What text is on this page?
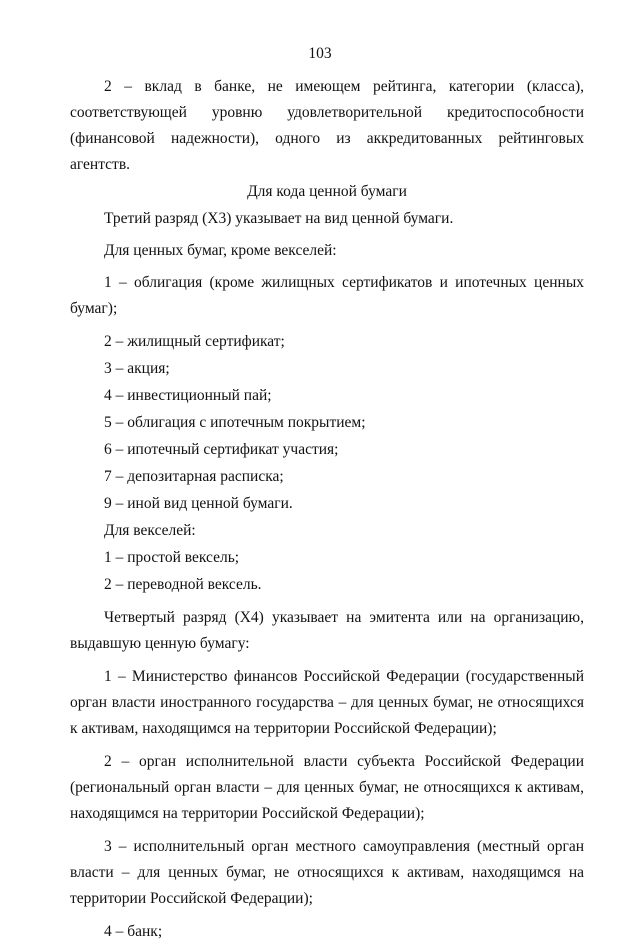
103

2 – вклад в банке, не имеющем рейтинга, категории (класса), соответствующей уровню удовлетворительной кредитоспособности (финансовой надежности), одного из аккредитованных рейтинговых агентств.

Для кода ценной бумаги

Третий разряд (Х3) указывает на вид ценной бумаги.

Для ценных бумаг, кроме векселей:

1 – облигация (кроме жилищных сертификатов и ипотечных ценных бумаг);

2 – жилищный сертификат;

3 – акция;

4 – инвестиционный пай;

5 – облигация с ипотечным покрытием;

6 – ипотечный сертификат участия;

7 – депозитарная расписка;

9 – иной вид ценной бумаги.

Для векселей:

1 – простой вексель;

2 – переводной вексель.

Четвертый разряд (Х4) указывает на эмитента или на организацию, выдавшую ценную бумагу:

1 – Министерство финансов Российской Федерации (государственный орган власти иностранного государства – для ценных бумаг, не относящихся к активам, находящимся на территории Российской Федерации);

2 – орган исполнительной власти субъекта Российской Федерации (региональный орган власти – для ценных бумаг, не относящихся к активам, находящимся на территории Российской Федерации);

3 – исполнительный орган местного самоуправления (местный орган власти – для ценных бумаг, не относящихся к активам, находящимся на территории Российской Федерации);

4 – банк;
